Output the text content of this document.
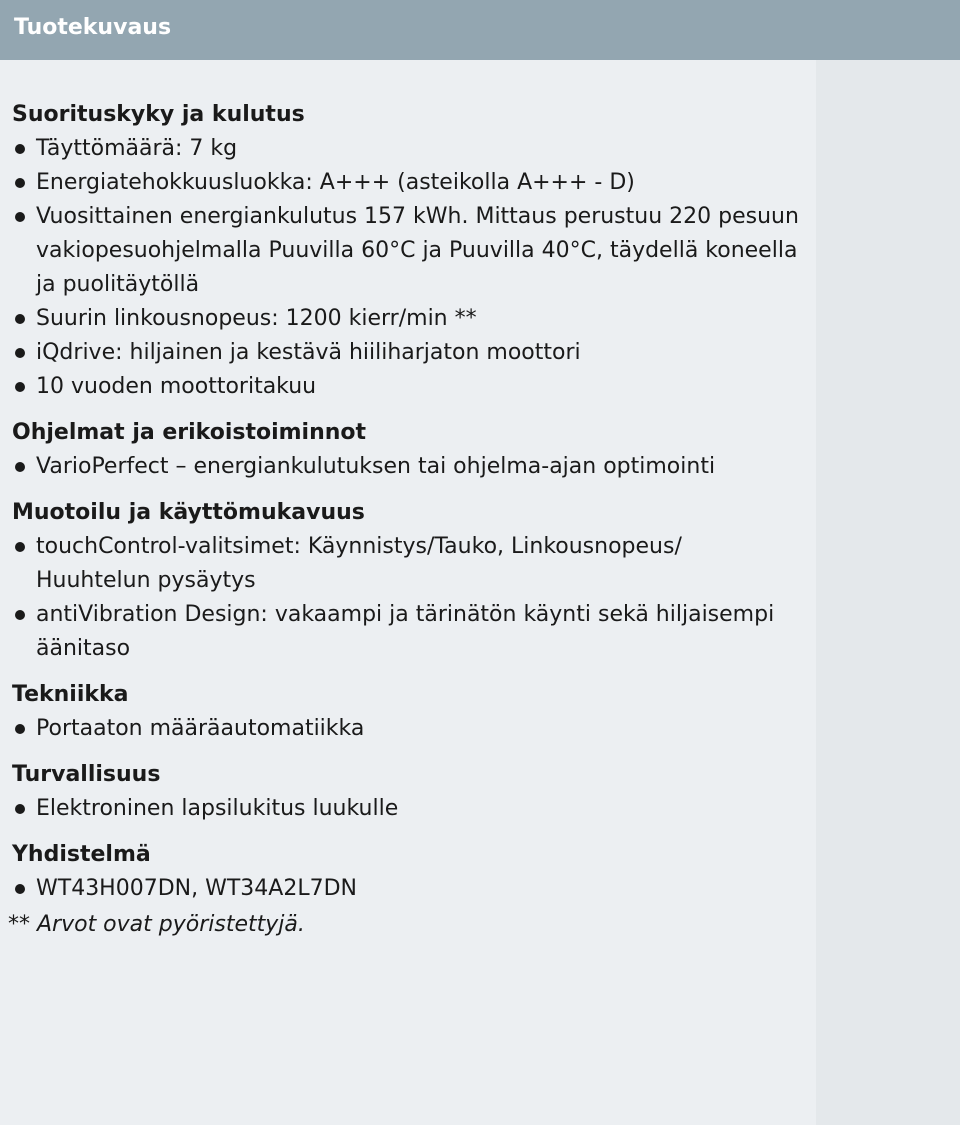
Tuotekuvaus
Suorituskyky ja kulutus
Täyttömäärä: 7 kg
Energiatehokkuusluokka: A+++ (asteikolla A+++ - D)
Vuosittainen energiankulutus 157 kWh. Mittaus perustuu 220 pesuun vakiopesuohjelmalla Puuvilla 60°C ja Puuvilla 40°C, täydellä koneella ja puolitäytöllä
Suurin linkousnopeus: 1200 kierr/min **
iQdrive: hiljainen ja kestävä hiiliharjaton moottori
10 vuoden moottoritakuu
Ohjelmat ja erikoistoiminnot
VarioPerfect – energiankulutuksen tai ohjelma-ajan optimointi
Muotoilu ja käyttömukavuus
touchControl-valitsimet: Käynnistys/Tauko, Linkousnopeus/ Huuhtelun pysäytys
antiVibration Design: vakaampi ja tärinätön käynti sekä hiljaisempi äänitaso
Tekniikka
Portaaton määräautomatiikka
Turvallisuus
Elektroninen lapsilukitus luukulle
Yhdistelmä
WT43H007DN, WT34A2L7DN
** Arvot ovat pyöristettyjä.
